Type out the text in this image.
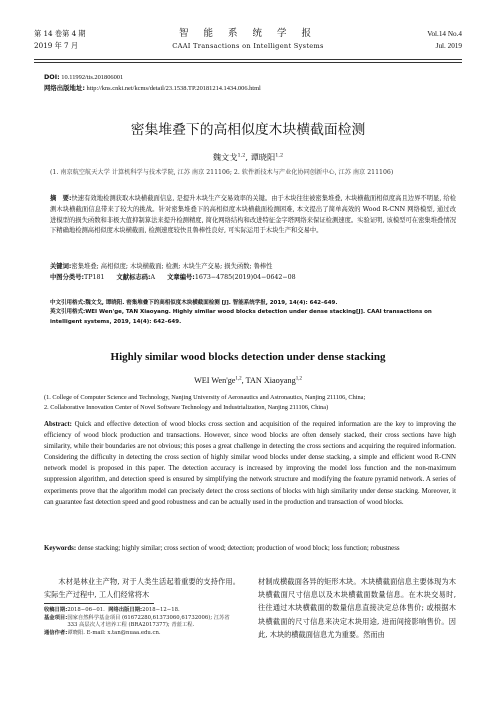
第 14 卷第 4 期
2019 年 7 月
智 能 系 统 学 报
CAAI Transactions on Intelligent Systems
Vol.14 No.4
Jul. 2019
DOI: 10.11992/tis.201806001
网络出版地址: http://kns.cnki.net/kcms/detail/23.1538.TP.20181214.1434.006.html
密集堆叠下的高相似度木块横截面检测
魏文戈$^{1,2}$, 谭晓阳$^{1,2}$
(1. 南京航空航天大学 计算机科学与技术学院, 江苏 南京 211106; 2. 软件新技术与产业化协同创新中心, 江苏 南京 211106)
摘　要:快速有效地检测获取木块横截面信息, 是提升木块生产交易效率的关键。由于木块往往被密集堆叠, 木块横截面相似度高且边界不明显, 给检测木块横截面信息带来了较大的挑战。针对密集堆叠下的高相似度木块横截面检测困难, 本文提出了简单高效的 Wood R-CNN 网络模型, 通过改进模型的损失函数和非极大值抑制算法来提升检测精度, 简化网络结构和改进特征金字塔网络来保证检测速度。实验证明, 该模型可在密集堆叠情况下精确地检测高相似度木块横截面, 检测速度较快且鲁棒性良好, 可实际运用于木块生产和交易中。
关键词:密集堆叠; 高相似度; 木块横截面; 检测; 木块生产交易; 损失函数; 鲁棒性
中图分类号:TP181 文献标志码:A 文章编号:1673−4785(2019)04−0642−08
中文引用格式:魏文戈, 谭晓阳. 密集堆叠下的高相似度木块横截面检测 [J]. 智能系统学报, 2019, 14(4): 642–649.
英文引用格式:WEI Wen'ge, TAN Xiaoyang. Highly similar wood blocks detection under dense stacking[J]. CAAI transactions on intelligent systems, 2019, 14(4): 642–649.
Highly similar wood blocks detection under dense stacking
WEI Wen'ge$^{1,2}$, TAN Xiaoyang$^{1,2}$
(1. College of Computer Science and Technology, Nanjing University of Aeronautics and Astronautics, Nanjing 211106, China;
2. Collaborative Innovation Center of Novel Software Technology and Industrialization, Nanjing 211106, China)
Abstract: Quick and effective detection of wood blocks cross section and acquisition of the required information are the key to improving the efficiency of wood block production and transactions. However, since wood blocks are often densely stacked, their cross sections have high similarity, while their boundaries are not obvious; this poses a great challenge in detecting the cross sections and acquiring the required information. Considering the difficulty in detecting the cross section of highly similar wood blocks under dense stacking, a simple and efficient wood R-CNN network model is proposed in this paper. The detection accuracy is increased by improving the model loss function and the non-maximum suppression algorithm, and detection speed is ensured by simplifying the network structure and modifying the feature pyramid network. A series of experiments prove that the algorithm model can precisely detect the cross sections of blocks with high similarity under dense stacking. Moreover, it can guarantee fast detection speed and good robustness and can be actually used in the production and transaction of wood blocks.
Keywords: dense stacking; highly similar; cross section of wood; detection; production of wood block; loss function; robustness

木材是林业主产物, 对于人类生活起着重要的支持作用。实际生产过程中, 工人们经常将木

收稿日期: 2018−06−01. 网络出版日期:2018−12−18.
基金项目: 国家自然科学基金项目 (61672280,61373060,61732006); 江苏省 333 高层次人才培养工程 (BRA2017377); 青蓝工程.
通信作者: 谭晓阳. E-mail: x.tan@nuaa.edu.cn.

材制成横截面各异的矩形木块。木块横截面信息主要体现为木块横截面尺寸信息以及木块横截面数量信息。在木块交易时, 往往通过木块横截面的数量信息直接决定总体售价; 或根据木块横截面的尺寸信息来决定木块用途, 进而间接影响售价。因此, 木块的横截面信息尤为重要。然而由
